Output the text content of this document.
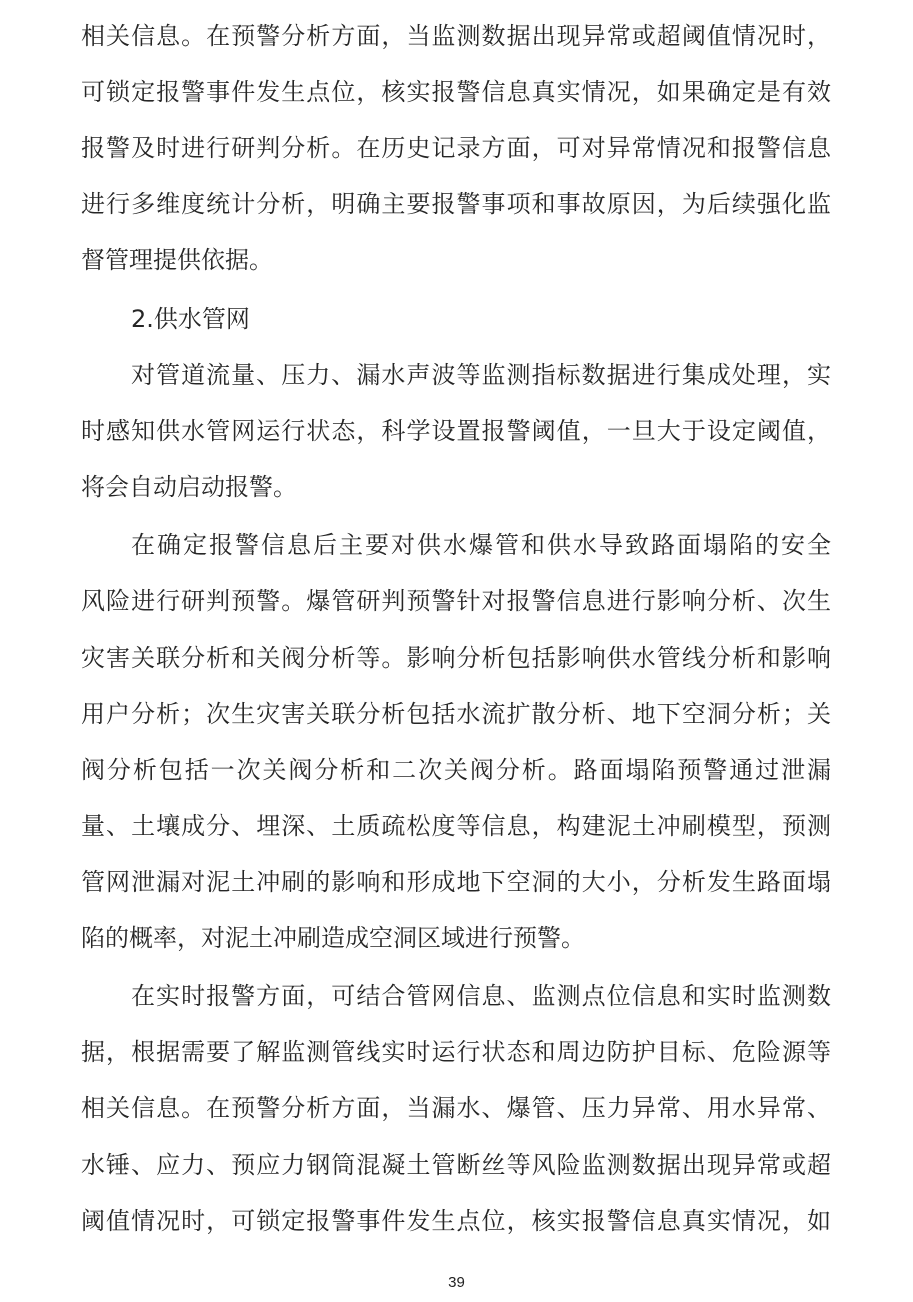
相关信息。在预警分析方面，当监测数据出现异常或超阈值情况时，
可锁定报警事件发生点位，核实报警信息真实情况，如果确定是有效
报警及时进行研判分析。在历史记录方面，可对异常情况和报警信息
进行多维度统计分析，明确主要报警事项和事故原因，为后续强化监
督管理提供依据。
2.供水管网
对管道流量、压力、漏水声波等监测指标数据进行集成处理，实
时感知供水管网运行状态，科学设置报警阈值，一旦大于设定阈值，
将会自动启动报警。
在确定报警信息后主要对供水爆管和供水导致路面塌陷的安全
风险进行研判预警。爆管研判预警针对报警信息进行影响分析、次生
灾害关联分析和关阀分析等。影响分析包括影响供水管线分析和影响
用户分析；次生灾害关联分析包括水流扩散分析、地下空洞分析；关
阀分析包括一次关阀分析和二次关阀分析。路面塌陷预警通过泄漏
量、土壤成分、埋深、土质疏松度等信息，构建泥土冲刷模型，预测
管网泄漏对泥土冲刷的影响和形成地下空洞的大小，分析发生路面塌
陷的概率，对泥土冲刷造成空洞区域进行预警。
在实时报警方面，可结合管网信息、监测点位信息和实时监测数
据，根据需要了解监测管线实时运行状态和周边防护目标、危险源等
相关信息。在预警分析方面，当漏水、爆管、压力异常、用水异常、
水锤、应力、预应力钢筒混凝土管断丝等风险监测数据出现异常或超
阈值情况时，可锁定报警事件发生点位，核实报警信息真实情况，如
39
